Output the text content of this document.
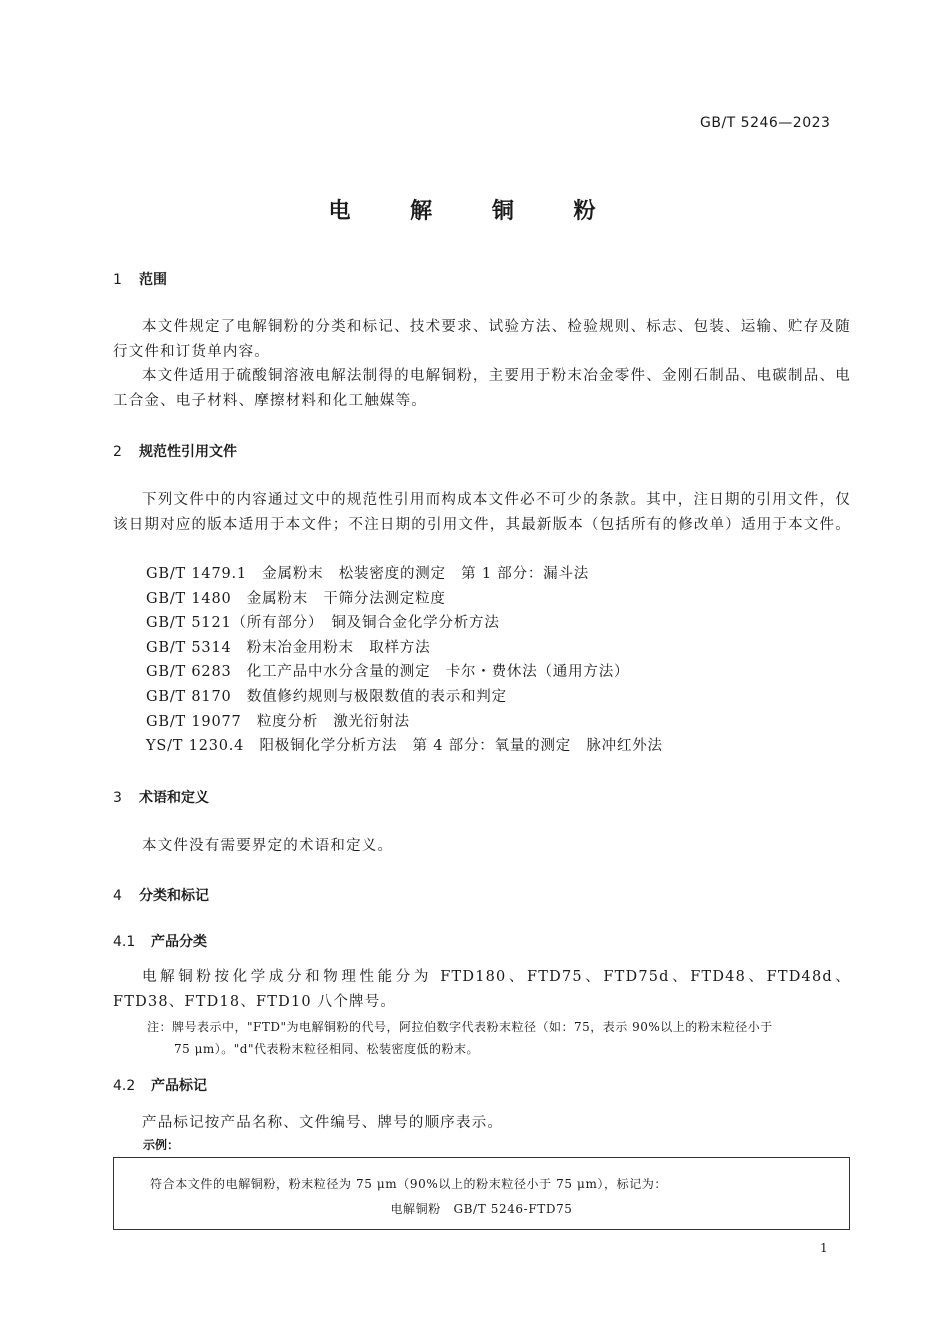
GB/T 5246—2023
电 解 铜 粉
1 范围

本文件规定了电解铜粉的分类和标记、技术要求、试验方法、检验规则、标志、包装、运输、贮存及随行文件和订货单内容。

本文件适用于硫酸铜溶液电解法制得的电解铜粉，主要用于粉末冶金零件、金刚石制品、电碳制品、电工合金、电子材料、摩擦材料和化工触媒等。

2 规范性引用文件

下列文件中的内容通过文中的规范性引用而构成本文件必不可少的条款。其中，注日期的引用文件，仅该日期对应的版本适用于本文件；不注日期的引用文件，其最新版本（包括所有的修改单）适用于本文件。

GB/T 1479.1　金属粉末　松装密度的测定　第 1 部分：漏斗法
GB/T 1480　金属粉末　干筛分法测定粒度
GB/T 5121（所有部分）　铜及铜合金化学分析方法
GB/T 5314　粉末冶金用粉末　取样方法
GB/T 6283　化工产品中水分含量的测定　卡尔・费休法（通用方法）
GB/T 8170　数值修约规则与极限数值的表示和判定
GB/T 19077　粒度分析　激光衍射法
YS/T 1230.4　阳极铜化学分析方法　第 4 部分：氧量的测定　脉冲红外法
3 术语和定义

本文件没有需要界定的术语和定义。

4 分类和标记
4.1 产品分类

电解铜粉按化学成分和物理性能分为 FTD180、FTD75、FTD75d、FTD48、FTD48d、FTD38、FTD18、FTD10 八个牌号。

注：牌号表示中，"FTD"为电解铜粉的代号，阿拉伯数字代表粉末粒径（如：75，表示 90%以上的粉末粒径小于
75 μm）。"d"代表粉末粒径相同、松装密度低的粉末。
4.2 产品标记

产品标记按产品名称、文件编号、牌号的顺序表示。

示例：
符合本文件的电解铜粉，粉末粒径为 75 μm（90%以上的粉末粒径小于 75 μm），标记为：
电解铜粉　GB/T 5246-FTD75
1
